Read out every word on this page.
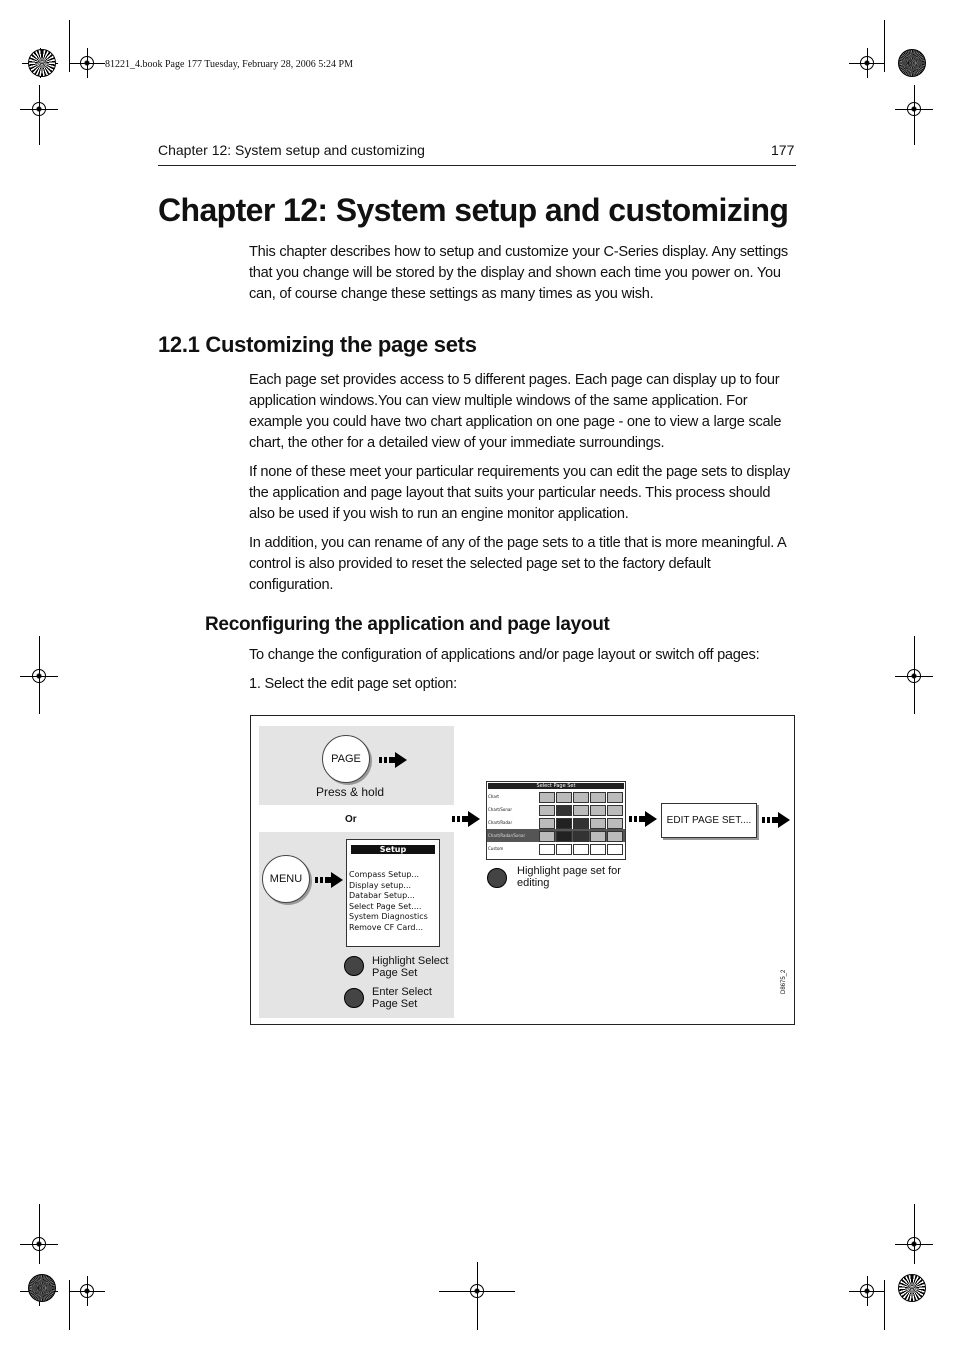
81221_4.book Page 177 Tuesday, February 28, 2006 5:24 PM
Chapter 12: System setup and customizing	177
Chapter 12: System setup and customizing

This chapter describes how to setup and customize your C-Series display. Any settings that you change will be stored by the display and shown each time you power on. You can, of course change these settings as many times as you wish.

12.1 Customizing the page sets

Each page set provides access to 5 different pages. Each page can display up to four application windows.You can view multiple windows of the same application. For example you could have two chart application on one page - one to view a large scale chart, the other for a detailed view of your immediate surroundings.

If none of these meet your particular requirements you can edit the page sets to display the application and page layout that suits your particular needs. This process should also be used if you wish to run an engine monitor application.

In addition, you can rename of any of the page sets to a title that is more meaningful. A control is also provided to reset the selected page set to the factory default configuration.

Reconfiguring the application and page layout

To change the configuration of applications and/or page layout or switch off pages:

1. Select the edit page set option:

PAGE
Press & hold
Or
MENU
Setup
Compass Setup...
Display setup...
Databar Setup...
Select Page Set....
System Diagnostics
Remove CF Card...
Highlight Select
Page Set
Enter Select
Page Set
Select Page Set
Chart
Chart/Sonar
Chart/Radar
Chart/Radar/Sonar
Custom
Highlight page set for
editing
EDIT PAGE SET....
D8675_2
